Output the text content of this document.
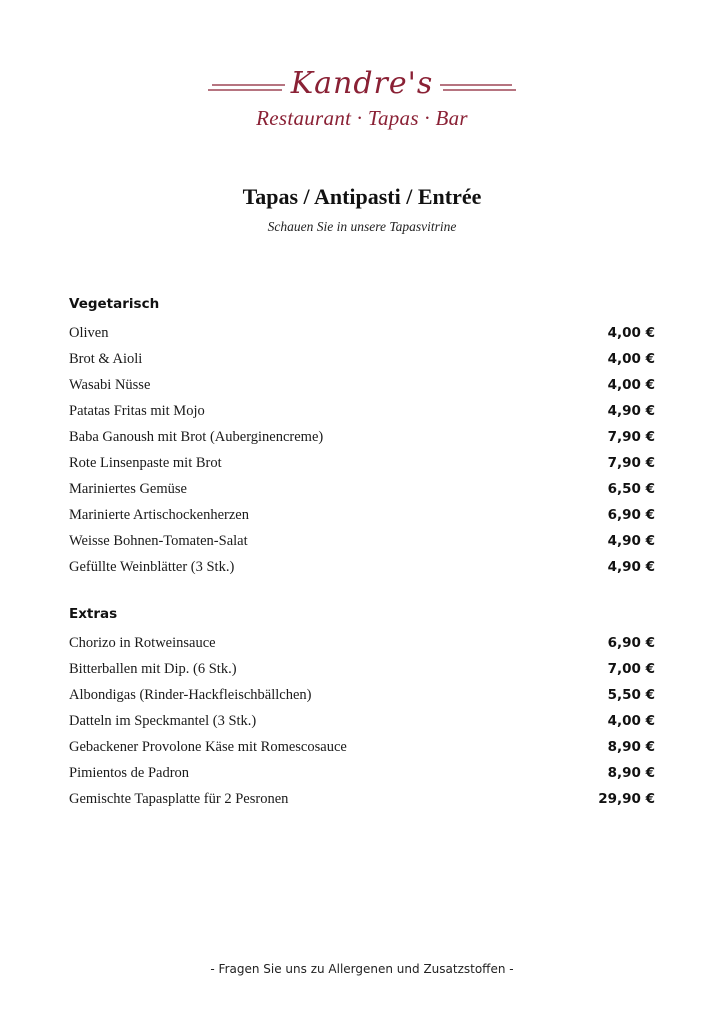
Kandre's
Restaurant · Tapas · Bar
Tapas / Antipasti / Entrée
Schauen Sie in unsere Tapasvitrine
Vegetarisch
Oliven	4,00 €
Brot & Aioli	4,00 €
Wasabi Nüsse	4,00 €
Patatas Fritas mit Mojo	4,90 €
Baba Ganoush mit Brot (Auberginencreme)	7,90 €
Rote Linsenpaste mit Brot	7,90 €
Mariniertes Gemüse	6,50 €
Marinierte Artischockenherzen	6,90 €
Weisse Bohnen-Tomaten-Salat	4,90 €
Gefüllte Weinblätter (3 Stk.)	4,90 €
Extras
Chorizo in Rotweinsauce	6,90 €
Bitterballen mit Dip. (6 Stk.)	7,00 €
Albondigas (Rinder-Hackfleischbällchen)	5,50 €
Datteln im Speckmantel (3 Stk.)	4,00 €
Gebackener Provolone Käse mit Romescosauce	8,90 €
Pimientos de Padron	8,90 €
Gemischte Tapasplatte für 2 Pesronen	29,90 €
- Fragen Sie uns zu Allergenen und Zusatzstoffen -
